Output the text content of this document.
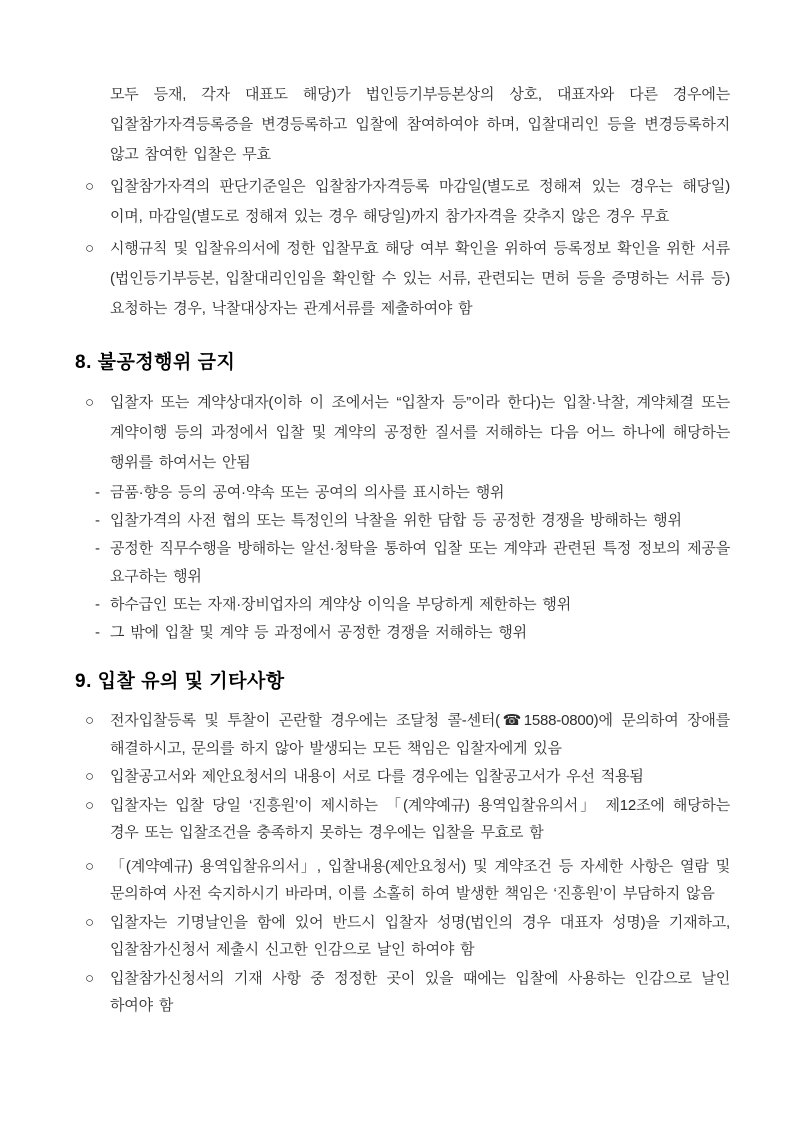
모두 등재, 각자 대표도 해당)가 법인등기부등본상의 상호, 대표자와 다른 경우에는 입찰참가자격등록증을 변경등록하고 입찰에 참여하여야 하며, 입찰대리인 등을 변경등록하지 않고 참여한 입찰은 무효
○	입찰참가자격의 판단기준일은 입찰참가자격등록 마감일(별도로 정해져 있는 경우는 해당일)이며, 마감일(별도로 정해져 있는 경우 해당일)까지 참가자격을 갖추지 않은 경우 무효
○	시행규칙 및 입찰유의서에 정한 입찰무효 해당 여부 확인을 위하여 등록정보 확인을 위한 서류(법인등기부등본, 입찰대리인임을 확인할 수 있는 서류, 관련되는 면허 등을 증명하는 서류 등) 요청하는 경우, 낙찰대상자는 관계서류를 제출하여야 함
8. 불공정행위 금지
○	입찰자 또는 계약상대자(이하 이 조에서는 “입찰자 등”이라 한다)는 입찰·낙찰, 계약체결 또는 계약이행 등의 과정에서 입찰 및 계약의 공정한 질서를 저해하는 다음 어느 하나에 해당하는 행위를 하여서는 안됨
- 금품·향응 등의 공여·약속 또는 공여의 의사를 표시하는 행위
- 입찰가격의 사전 협의 또는 특정인의 낙찰을 위한 담합 등 공정한 경쟁을 방해하는 행위
- 공정한 직무수행을 방해하는 알선·청탁을 통하여 입찰 또는 계약과 관련된 특정 정보의 제공을 요구하는 행위
- 하수급인 또는 자재·장비업자의 계약상 이익을 부당하게 제한하는 행위
- 그 밖에 입찰 및 계약 등 과정에서 공정한 경쟁을 저해하는 행위
9. 입찰 유의 및 기타사항
○	전자입찰등록 및 투찰이 곤란할 경우에는 조달청 콜-센터(☎1588-0800)에 문의하여 장애를 해결하시고, 문의를 하지 않아 발생되는 모든 책임은 입찰자에게 있음
○	입찰공고서와 제안요청서의 내용이 서로 다를 경우에는 입찰공고서가 우선 적용됨
○	입찰자는 입찰 당일 ‘진흥원’이 제시하는 「(계약예규) 용역입찰유의서」 제12조에 해당하는 경우 또는 입찰조건을 충족하지 못하는 경우에는 입찰을 무효로 함
○	「(계약예규) 용역입찰유의서」, 입찰내용(제안요청서) 및 계약조건 등 자세한 사항은 열람 및 문의하여 사전 숙지하시기 바라며, 이를 소홀히 하여 발생한 책임은 ‘진흥원’이 부담하지 않음
○	입찰자는 기명날인을 함에 있어 반드시 입찰자 성명(법인의 경우 대표자 성명)을 기재하고, 입찰참가신청서 제출시 신고한 인감으로 날인 하여야 함
○	입찰참가신청서의 기재 사항 중 정정한 곳이 있을 때에는 입찰에 사용하는 인감으로 날인 하여야 함
